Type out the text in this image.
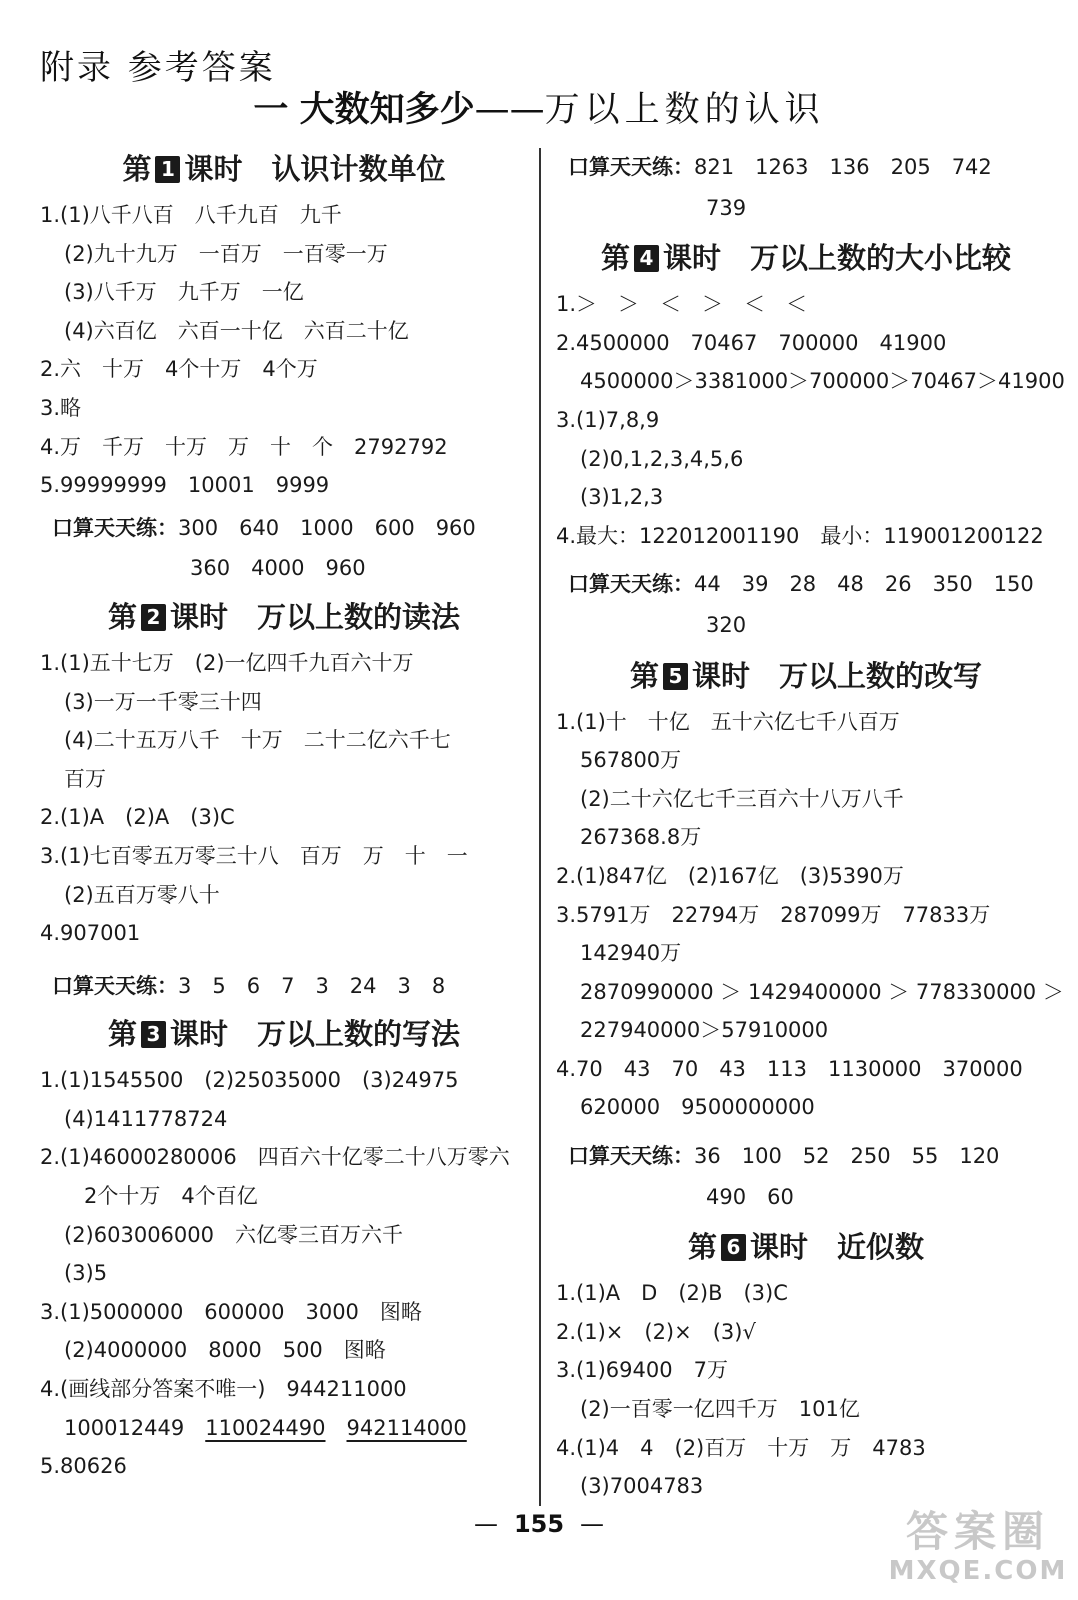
附录 参考答案
一 大数知多少——万以上数的认识
第 1 课时　 认识计数单位
1.(1)八千八百　八千九百　九千
(2)九十九万　一百万　一百零一万
(3)八千万　九千万　一亿
(4)六百亿　六百一十亿　六百二十亿
2.六　十万　4个十万　4个万
3.略
4.万　千万　十万　万　十　个　2792792
5.99999999　10001　9999
口算天天练：300　640　1000　600　960
360　4000　960
第 2 课时　 万以上数的读法
1.(1)五十七万　(2)一亿四千九百六十万
(3)一万一千零三十四
(4)二十五万八千　十万　二十二亿六千七
百万
2.(1)A　(2)A　(3)C
3.(1)七百零五万零三十八　百万　万　十　一
(2)五百万零八十
4.907001
口算天天练：3　5　6　7　3　24　3　8
第 3 课时　 万以上数的写法
1.(1)1545500　(2)25035000　(3)24975
(4)1411778724
2.(1)46000280006　四百六十亿零二十八万零六
2个十万　4个百亿
(2)603006000　六亿零三百万六千
(3)5
3.(1)5000000　600000　3000　图略
(2)4000000　8000　500　图略
4.(画线部分答案不唯一)　944211000
100012449　 110024490　 942114000
5.80626
口算天天练：821　1263　136　205　742
739
第 4 课时　 万以上数的大小比较
1.＞　＞　＜　＞　＜　＜
2.4500000　70467　700000　41900
4500000＞3381000＞700000＞70467＞41900
3.(1)7,8,9
(2)0,1,2,3,4,5,6
(3)1,2,3
4.最大：122012001190　最小：119001200122
口算天天练：44　39　28　48　26　350　150
320
第 5 课时　 万以上数的改写
1.(1)十　十亿　五十六亿七千八百万
567800万
(2)二十六亿七千三百六十八万八千
267368.8万
2.(1)847亿　(2)167亿　(3)5390万
3.5791万　22794万　287099万　77833万
142940万
2870990000 ＞ 1429400000 ＞ 778330000 ＞
227940000＞57910000
4.70　43　70　43　113　1130000　370000
620000　9500000000
口算天天练：36　100　52　250　55　120
490　60
第 6 课时　 近似数
1.(1)A　D　(2)B　(3)C
2.(1)×　(2)×　(3)√
3.(1)69400　7万
(2)一百零一亿四千万　101亿
4.(1)4　4　(2)百万　十万　万　4783
(3)7004783
— 155 —	答案圈
MXQE.COM
